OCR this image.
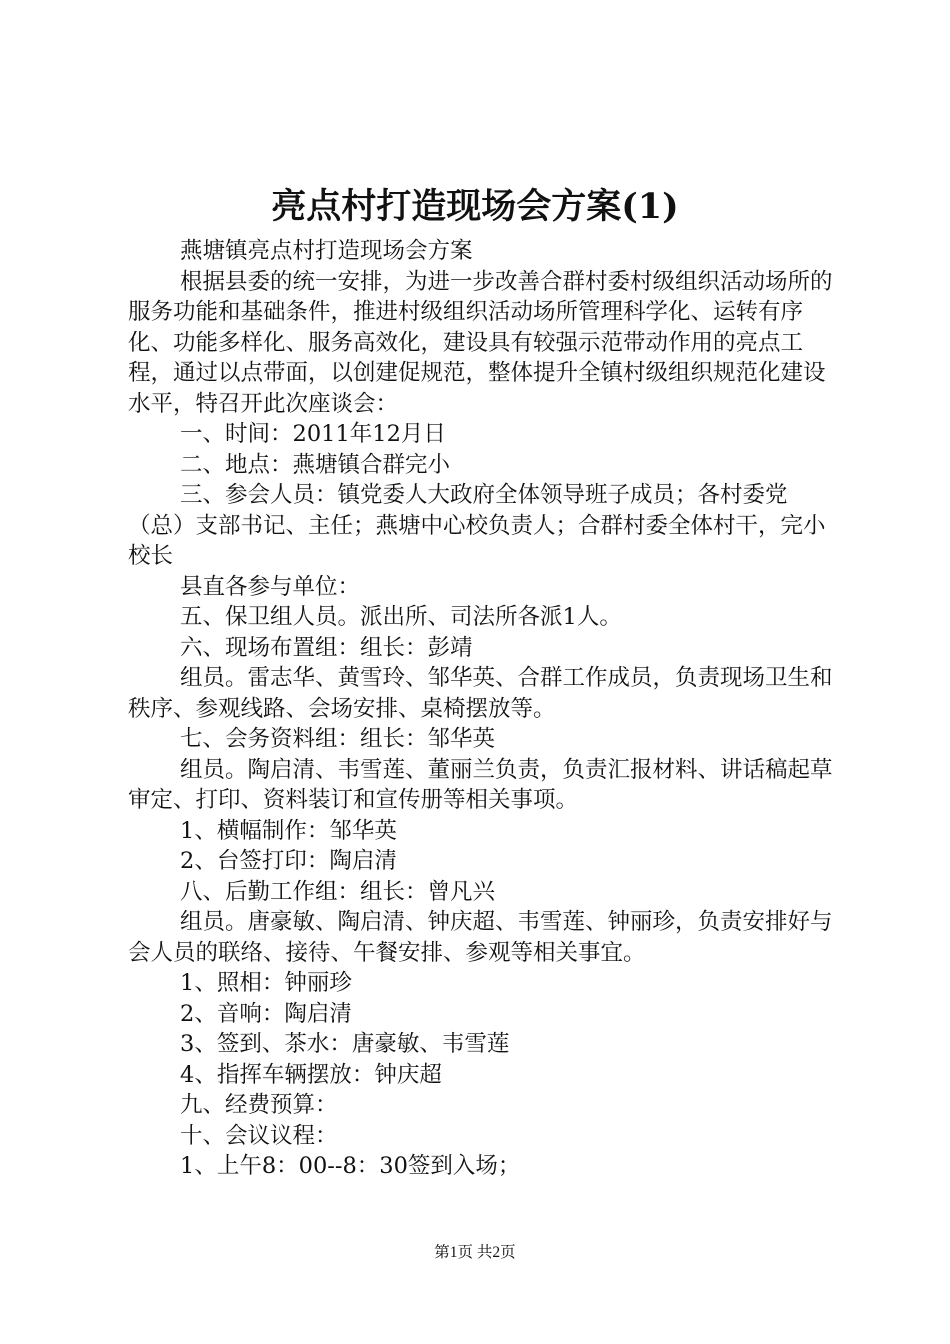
亮点村打造现场会方案(1)

燕塘镇亮点村打造现场会方案

根据县委的统一安排，为进一步改善合群村委村级组织活动场所的服务功能和基础条件，推进村级组织活动场所管理科学化、运转有序化、功能多样化、服务高效化，建设具有较强示范带动作用的亮点工程，通过以点带面，以创建促规范，整体提升全镇村级组织规范化建设水平，特召开此次座谈会：

一、时间：2011年12月日

二、地点：燕塘镇合群完小

三、参会人员：镇党委人大政府全体领导班子成员；各村委党（总）支部书记、主任；燕塘中心校负责人；合群村委全体村干，完小校长

县直各参与单位：

五、保卫组人员。派出所、司法所各派1人。

六、现场布置组：组长：彭靖

组员。雷志华、黄雪玲、邹华英、合群工作成员，负责现场卫生和秩序、参观线路、会场安排、桌椅摆放等。

七、会务资料组：组长：邹华英

组员。陶启清、韦雪莲、董丽兰负责，负责汇报材料、讲话稿起草审定、打印、资料装订和宣传册等相关事项。

1、横幅制作：邹华英

2、台签打印：陶启清

八、后勤工作组：组长：曾凡兴

组员。唐豪敏、陶启清、钟庆超、韦雪莲、钟丽珍，负责安排好与会人员的联络、接待、午餐安排、参观等相关事宜。

1、照相：钟丽珍

2、音响：陶启清

3、签到、茶水：唐豪敏、韦雪莲

4、指挥车辆摆放：钟庆超

九、经费预算：

十、会议议程：

1、上午8：00--8：30签到入场；

第1页 共2页
